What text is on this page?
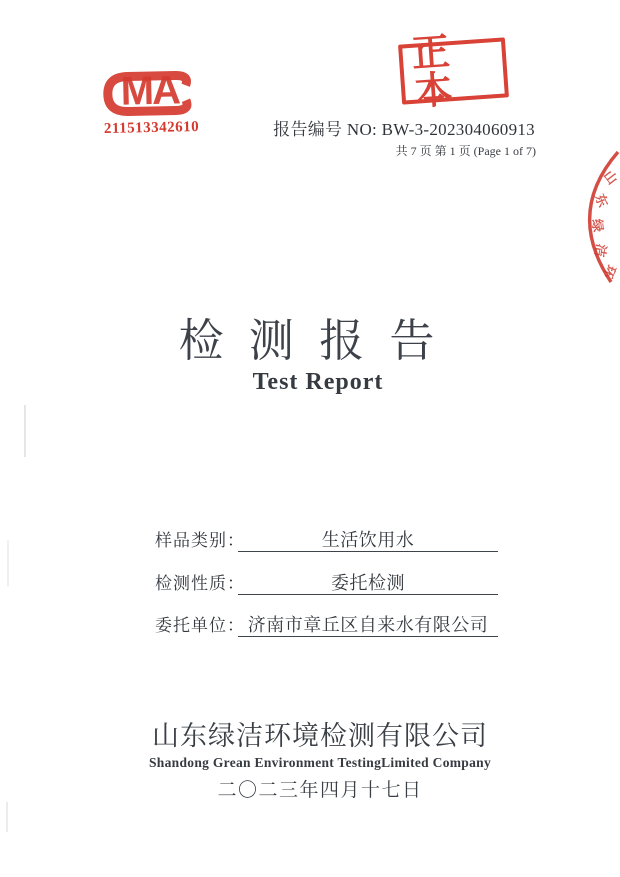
MA
211513342610
正本
报告编号 NO: BW-3-202304060913
共 7 页 第 1 页 (Page 1 of 7)
山
东
绿
洁
环
检 测 报 告
Test Report
样品类别：	生活饮用水
检测性质：	委托检测
委托单位： 济南市章丘区自来水有限公司
山东绿洁环境检测有限公司
Shandong Grean Environment TestingLimited Company
二〇二三年四月十七日
